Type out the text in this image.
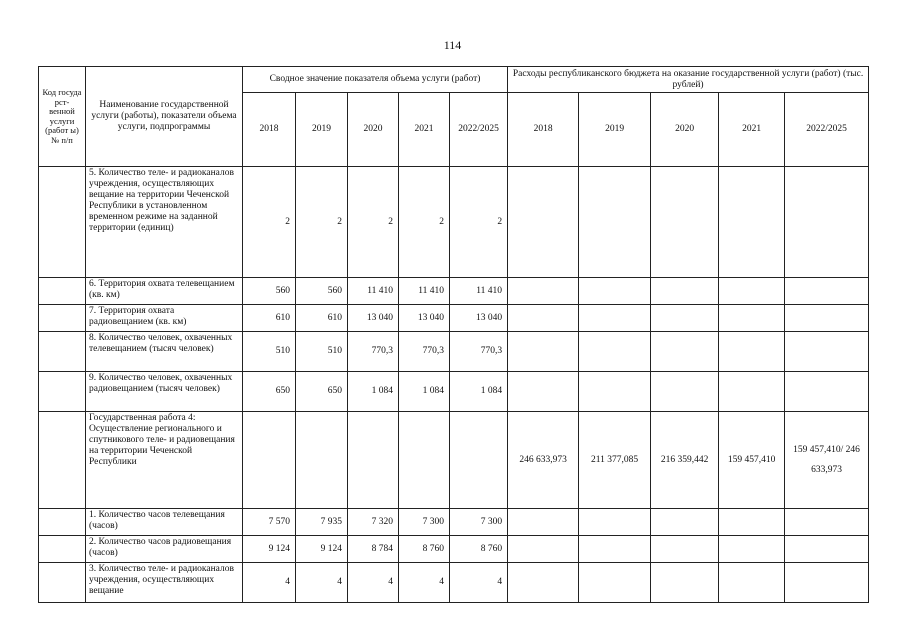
114
Код госуда рст-венной услуги (работ ы) № п/п	Наименование государственной услуги (работы), показатели объема услуги, подпрограммы	Сводное значение показателя объема услуги (работ)					Расходы республиканского бюджета на оказание государственной услуги (работ) (тыс. рублей)				
		2018	2019	2020	2021	2022/2025	2018	2019	2020	2021	2022/2025
	5. Количество теле- и радиоканалов учреждения, осуществляющих вещание на территории Чеченской Республики в установленном временном режиме на заданной территории (единиц)	2	2	2	2	2					
	6. Территория охвата телевещанием (кв. км)	560	560	11 410	11 410	11 410					
	7. Территория охвата радиовещанием (кв. км)	610	610	13 040	13 040	13 040					
	8. Количество человек, охваченных телевещанием (тысяч человек)	510	510	770,3	770,3	770,3					
	9. Количество человек, охваченных радиовещанием (тысяч человек)	650	650	1 084	1 084	1 084					
	Государственная работа 4: Осуществление регионального и спутникового теле- и радиовещания на территории Чеченской Республики						246 633,973	211 377,085	216 359,442	159 457,410	159 457,410/ 246 633,973
	1. Количество часов телевещания (часов)	7 570	7 935	7 320	7 300	7 300					
	2. Количество часов радиовещания (часов)	9 124	9 124	8 784	8 760	8 760					
	3. Количество теле- и радиоканалов учреждения, осуществляющих вещание	4	4	4	4	4					
